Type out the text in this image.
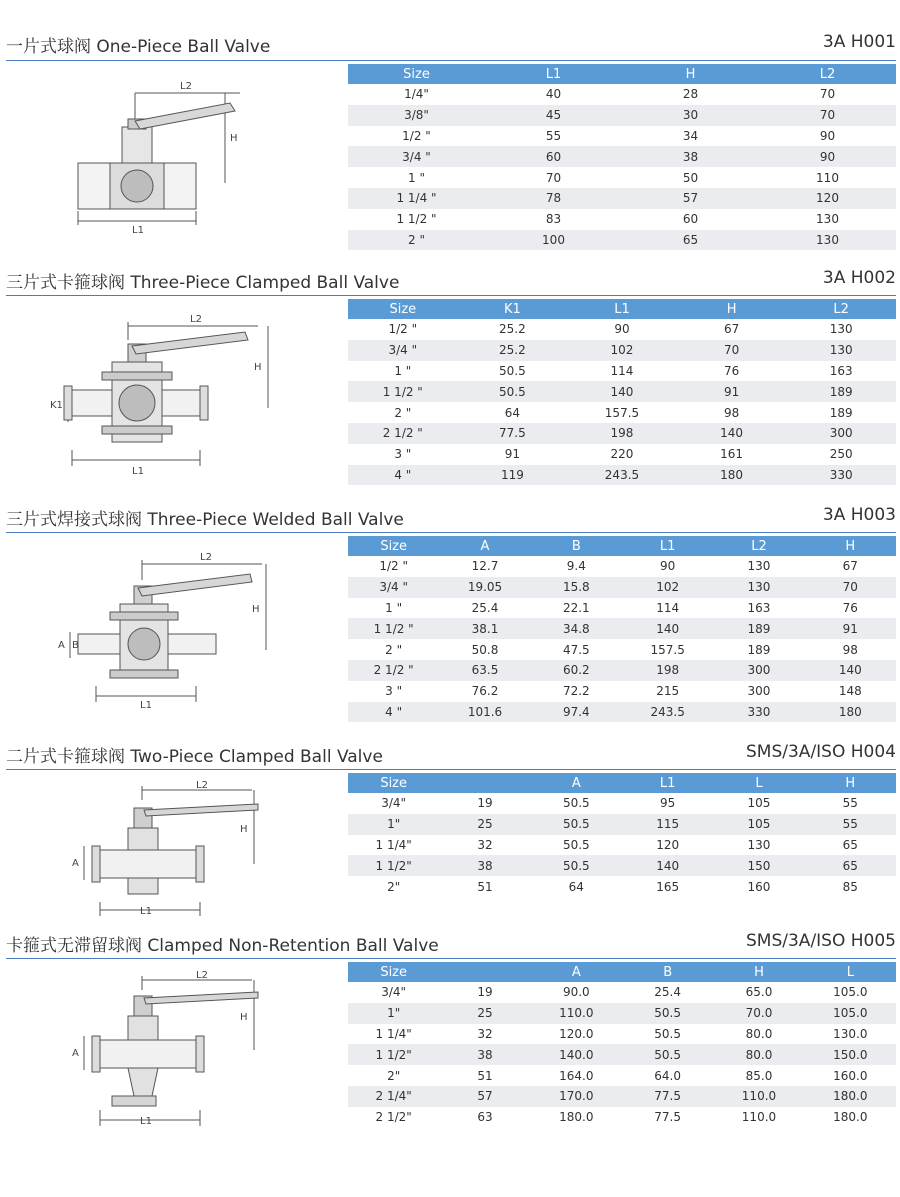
一片式球阀 One-Piece Ball Valve	3A H001
L2
H
L1
Size	L1	H	L2
1/4"	40	28	70
3/8"	45	30	70
1/2 "	55	34	90
3/4 "	60	38	90
1 "	70	50	110
1 1/4 "	78	57	120
1 1/2 "	83	60	130
2 "	100	65	130
三片式卡箍球阀 Three-Piece Clamped Ball Valve	3A H002
L2
H
K1
L1
Size	K1	L1	H	L2
1/2 "	25.2	90	67	130
3/4 "	25.2	102	70	130
1 "	50.5	114	76	163
1 1/2 "	50.5	140	91	189
2 "	64	157.5	98	189
2 1/2 "	77.5	198	140	300
3 "	91	220	161	250
4 "	119	243.5	180	330
三片式焊接式球阀 Three-Piece Welded Ball Valve	3A H003
L2
H
A B
L1
Size	A	B	L1	L2	H
1/2 "	12.7	9.4	90	130	67
3/4 "	19.05	15.8	102	130	70
1 "	25.4	22.1	114	163	76
1 1/2 "	38.1	34.8	140	189	91
2 "	50.8	47.5	157.5	189	98
2 1/2 "	63.5	60.2	198	300	140
3 "	76.2	72.2	215	300	148
4 "	101.6	97.4	243.5	330	180
二片式卡箍球阀 Two-Piece Clamped Ball Valve	SMS/3A/ISO H004
L2
H
A
L1
Size		A	L1	L	H
3/4"	19	50.5	95	105	55
1"	25	50.5	115	105	55
1 1/4"	32	50.5	120	130	65
1 1/2"	38	50.5	140	150	65
2"	51	64	165	160	85
卡箍式无滞留球阀 Clamped Non-Retention Ball Valve	SMS/3A/ISO H005
L2
H
A
L1
Size		A	B	H	L
3/4"	19	90.0	25.4	65.0	105.0
1"	25	110.0	50.5	70.0	105.0
1 1/4"	32	120.0	50.5	80.0	130.0
1 1/2"	38	140.0	50.5	80.0	150.0
2"	51	164.0	64.0	85.0	160.0
2 1/4"	57	170.0	77.5	110.0	180.0
2 1/2"	63	180.0	77.5	110.0	180.0
